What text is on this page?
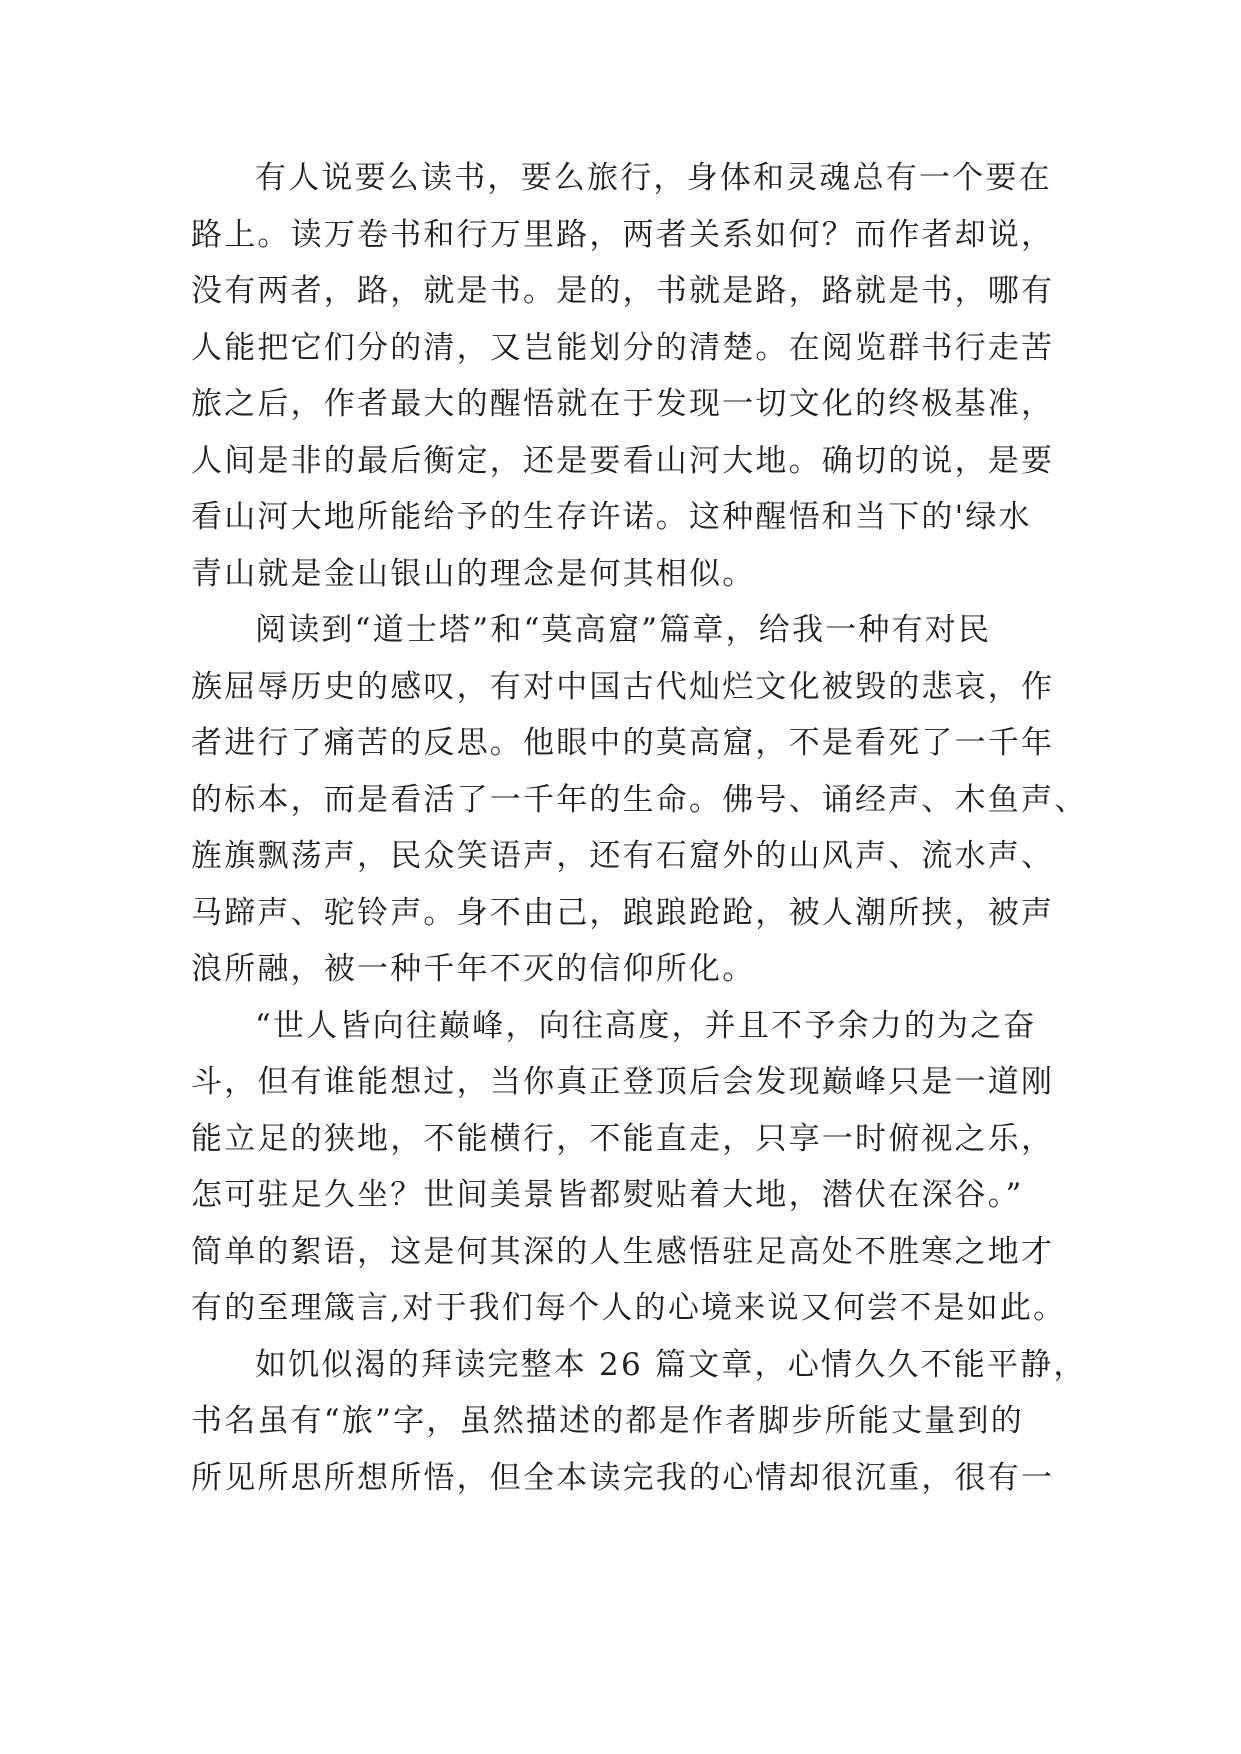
有人说要么读书，要么旅行，身体和灵魂总有一个要在
路上。读万卷书和行万里路，两者关系如何？而作者却说，
没有两者，路，就是书。是的，书就是路，路就是书，哪有
人能把它们分的清，又岂能划分的清楚。在阅览群书行走苦
旅之后，作者最大的醒悟就在于发现一切文化的终极基准，
人间是非的最后衡定，还是要看山河大地。确切的说，是要
看山河大地所能给予的生存许诺。这种醒悟和当下的'绿水
青山就是金山银山的理念是何其相似。
阅读到“道士塔”和“莫高窟”篇章，给我一种有对民
族屈辱历史的感叹，有对中国古代灿烂文化被毁的悲哀，作
者进行了痛苦的反思。他眼中的莫高窟，不是看死了一千年
的标本，而是看活了一千年的生命。佛号、诵经声、木鱼声、
旌旗飘荡声，民众笑语声，还有石窟外的山风声、流水声、
马蹄声、驼铃声。身不由己，踉踉跄跄，被人潮所挟，被声
浪所融，被一种千年不灭的信仰所化。
“世人皆向往巅峰，向往高度，并且不予余力的为之奋
斗，但有谁能想过，当你真正登顶后会发现巅峰只是一道刚
能立足的狭地，不能横行，不能直走，只享一时俯视之乐，
怎可驻足久坐？世间美景皆都熨贴着大地，潜伏在深谷。”
简单的絮语，这是何其深的人生感悟驻足高处不胜寒之地才
有的至理箴言,对于我们每个人的心境来说又何尝不是如此。
如饥似渴的拜读完整本 26 篇文章，心情久久不能平静，
书名虽有“旅”字，虽然描述的都是作者脚步所能丈量到的
所见所思所想所悟，但全本读完我的心情却很沉重，很有一
